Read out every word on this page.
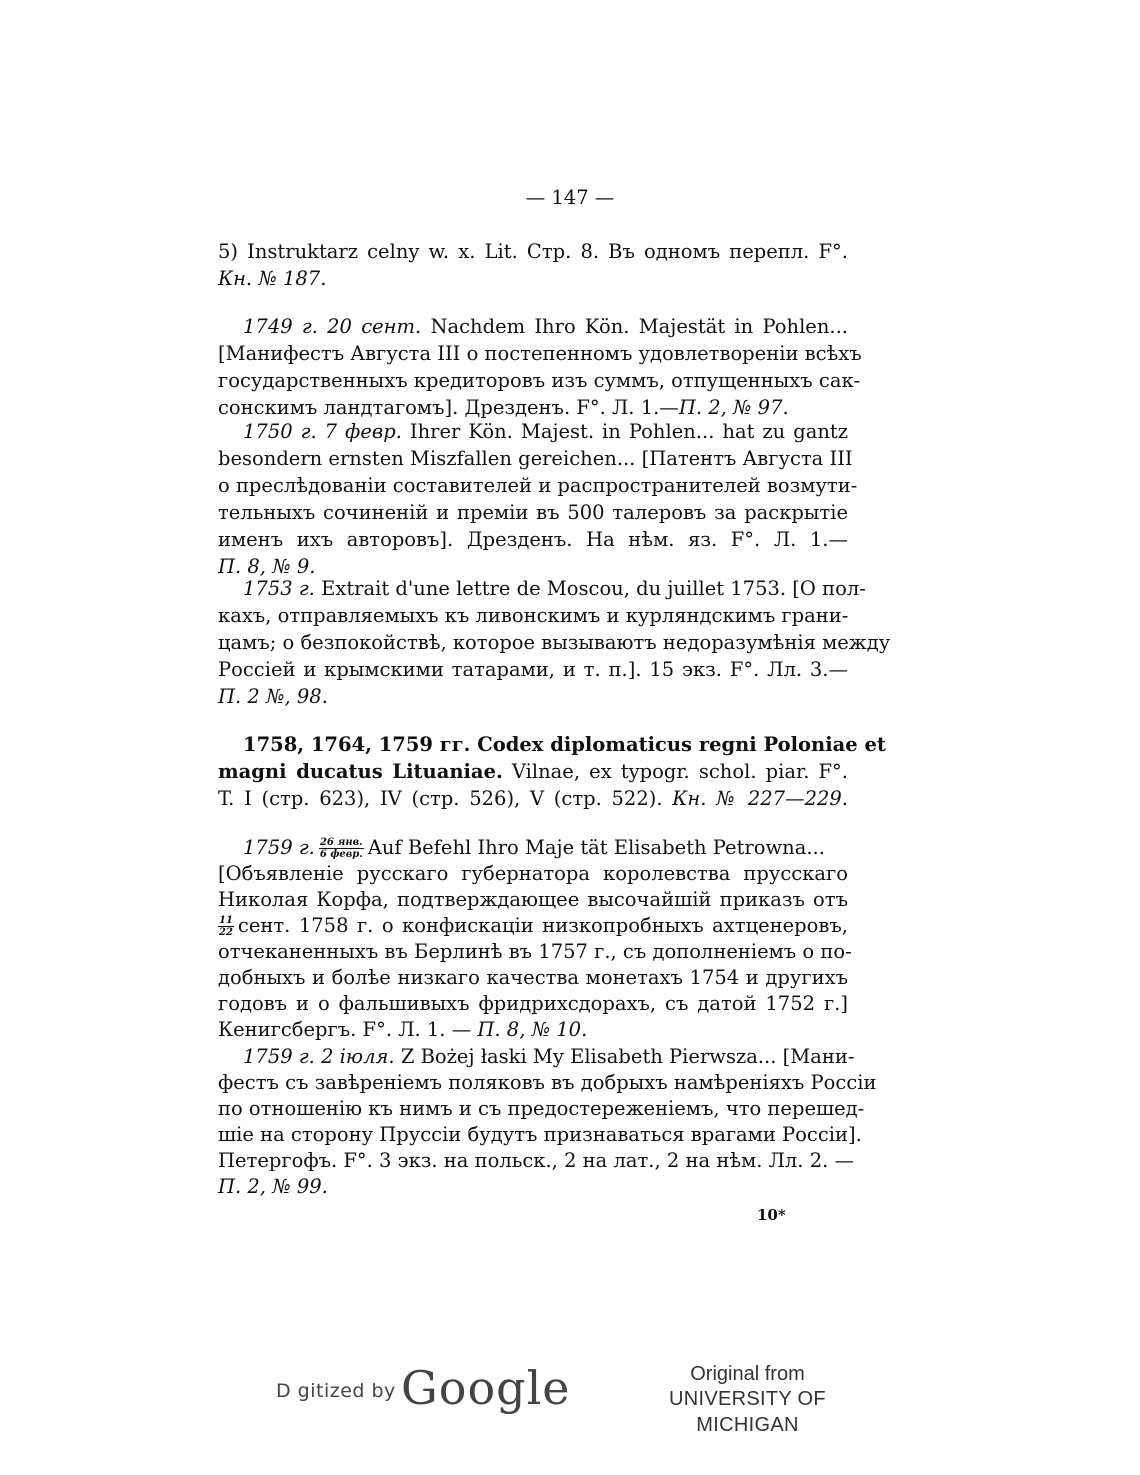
— 147 —
5) Instruktarz celny w. x. Lit. Стр. 8. Въ одномъ перепл. F°.
Кн. № 187.
1749 г. 20 сент. Nachdem Ihro Kön. Majestät in Pohlen...
[Манифестъ Августа III о постепенномъ удовлетвореніи всѣхъ
государственныхъ кредиторовъ изъ суммъ, отпущенныхъ сак-
сонскимъ ландтагомъ]. Дрезденъ. F°. Л. 1.—П. 2, № 97.
1750 г. 7 февр. Ihrer Kön. Majest. in Pohlen... hat zu gantz
besondern ernsten Miszfallen gereichen... [Патентъ Августа III
о преслѣдованіи составителей и распространителей возмути-
тельныхъ сочиненій и преміи въ 500 талеровъ за раскрытіе
именъ ихъ авторовъ]. Дрезденъ. На нѣм. яз. F°. Л. 1.—
П. 8, № 9.
1753 г. Extrait d'une lettre de Moscou, du juillet 1753. [О пол-
кахъ, отправляемыхъ къ ливонскимъ и курляндскимъ грани-
цамъ; о безпокойствѣ, которое вызываютъ недоразумѣнія между
Россіей и крымскими татарами, и т. п.]. 15 экз. F°. Лл. 3.—
П. 2 №, 98.
1758, 1764, 1759 гг. Codex diplomaticus regni Poloniae et
magni ducatus Lituaniae. Vilnae, ex typogr. schol. piar. F°.
T. I (стр. 623), IV (стр. 526), V (стр. 522). Кн. № 227—229.
1759 г. $\frac{\text{26 янв.}}{\text{6 февр.}}$ Auf Befehl Ihro Maje tät Elisabeth Petrowna...
[Объявленіе русскаго губернатора королевства прусскаго
Николая Корфа, подтверждающее высочайшій приказъ отъ
$\frac{11}{22}$ сент. 1758 г. о конфискаціи низкопробныхъ ахтценеровъ,
отчеканенныхъ въ Берлинѣ въ 1757 г., съ дополненіемъ о по-
добныхъ и болѣе низкаго качества монетахъ 1754 и другихъ
годовъ и о фальшивыхъ фридрихсдорахъ, съ датой 1752 г.]
Кенигсбергъ. F°. Л. 1. — П. 8, № 10.
1759 г. 2 іюля. Z Bożej łaski My Elisabeth Pierwsza... [Мани-
фестъ съ завѣреніемъ поляковъ въ добрыхъ намѣреніяхъ Россіи
по отношенію къ нимъ и съ предостереженіемъ, что перешед-
шіе на сторону Пруссіи будутъ признаваться врагами Россіи].
Петергофъ. F°. 3 экз. на польск., 2 на лат., 2 на нѣм. Лл. 2. —
П. 2, № 99.
10*
D gitized by Google	Original from
UNIVERSITY OF MICHIGAN
